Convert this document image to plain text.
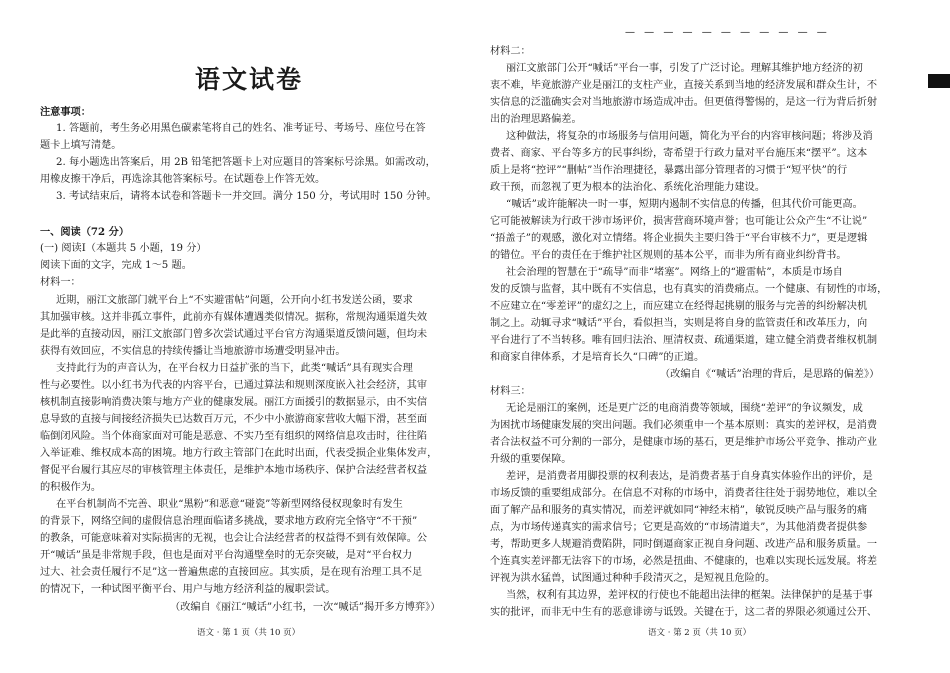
语文试卷
注意事项：
1. 答题前，考生务必用黑色碳素笔将自己的姓名、准考证号、考场号、座位号在答
题卡上填写清楚。
2. 每小题选出答案后，用 2B 铅笔把答题卡上对应题目的答案标号涂黑。如需改动，
用橡皮擦干净后，再选涂其他答案标号。在试题卷上作答无效。
3. 考试结束后，请将本试卷和答题卡一并交回。满分 150 分，考试用时 150 分钟。
一、阅读（72 分）
(一) 阅读Ⅰ（本题共 5 小题，19 分）
阅读下面的文字，完成 1～5 题。
材料一：
近期，丽江文旅部门就平台上“不实避雷帖”问题，公开向小红书发送公函，要求
其加强审核。这并非孤立事件，此前亦有媒体遭遇类似情况。据称，常规沟通渠道失效
是此举的直接动因，丽江文旅部门曾多次尝试通过平台官方沟通渠道反馈问题，但均未
获得有效回应，不实信息的持续传播让当地旅游市场遭受明显冲击。
支持此行为的声音认为，在平台权力日益扩张的当下，此类“喊话”具有现实合理
性与必要性。以小红书为代表的内容平台，已通过算法和规则深度嵌入社会经济，其审
核机制直接影响消费决策与地方产业的健康发展。丽江方面援引的数据显示，由不实信
息导致的直接与间接经济损失已达数百万元，不少中小旅游商家营收大幅下滑，甚至面
临倒闭风险。当个体商家面对可能是恶意、不实乃至有组织的网络信息攻击时，往往陷
入举证难、维权成本高的困境。地方行政主管部门在此时出面，代表受损企业集体发声，
督促平台履行其应尽的审核管理主体责任，是维护本地市场秩序、保护合法经营者权益
的积极作为。
在平台机制尚不完善、职业“黑粉”和恶意“碰瓷”等新型网络侵权现象时有发生
的背景下，网络空间的虚假信息治理面临诸多挑战，要求地方政府完全恪守“不干预”
的教条，可能意味着对实际损害的无视，也会让合法经营者的权益得不到有效保障。公
开“喊话”虽是非常规手段，但也是面对平台沟通壁垒时的无奈突破，是对“平台权力
过大、社会责任履行不足”这一普遍焦虑的直接回应。其实质，是在现有治理工具不足
的情况下，一种试图平衡平台、用户与地方经济利益的履职尝试。
（改编自《丽江“喊话”小红书，一次“喊话”揭开多方博弈》）
语文 · 第 1 页（共 10 页）
— — — — — — — — — — —
材料二：
丽江文旅部门公开“喊话”平台一事，引发了广泛讨论。理解其维护地方经济的初
衷不难，毕竟旅游产业是丽江的支柱产业，直接关系到当地的经济发展和群众生计，不
实信息的泛滥确实会对当地旅游市场造成冲击。但更值得警惕的，是这一行为背后折射
出的治理思路偏差。
这种做法，将复杂的市场服务与信用问题，简化为平台的内容审核问题；将涉及消
费者、商家、平台等多方的民事纠纷，寄希望于行政力量对平台施压来“摆平”。这本
质上是将“控评”“删帖”当作治理捷径，暴露出部分管理者的习惯于“短平快”的行
政干预，而忽视了更为根本的法治化、系统化治理能力建设。
“喊话”或许能解决一时一事，短期内遏制不实信息的传播，但其代价可能更高。
它可能被解读为行政干涉市场评价，损害营商环境声誉；也可能让公众产生“不让说”
“捂盖子”的观感，激化对立情绪。将企业损失主要归咎于“平台审核不力”，更是逻辑
的错位。平台的责任在于维护社区规则的基本公平，而非为所有商业纠纷背书。
社会治理的智慧在于“疏导”而非“堵塞”。网络上的“避雷帖”，本质是市场自
发的反馈与监督，其中既有不实信息，也有真实的消费痛点。一个健康、有韧性的市场，
不应建立在“零差评”的虚幻之上，而应建立在经得起挑剔的服务与完善的纠纷解决机
制之上。动辄寻求“喊话”平台，看似担当，实则是将自身的监管责任和改革压力，向
平台进行了不当转移。唯有回归法治、厘清权责、疏通渠道，建立健全消费者维权机制
和商家自律体系，才是培育长久“口碑”的正道。
（改编自《“喊话”治理的背后，是思路的偏差》）
材料三：
无论是丽江的案例，还是更广泛的电商消费等领域，围绕“差评”的争议频发，成
为困扰市场健康发展的突出问题。我们必须重申一个基本原则：真实的差评权，是消费
者合法权益不可分割的一部分，是健康市场的基石，更是维护市场公平竞争、推动产业
升级的重要保障。
差评，是消费者用脚投票的权利表达，是消费者基于自身真实体验作出的评价，是
市场反馈的重要组成部分。在信息不对称的市场中，消费者往往处于弱势地位，难以全
面了解产品和服务的真实情况，而差评就如同“神经末梢”，敏锐反映产品与服务的痛
点，为市场传递真实的需求信号；它更是高效的“市场清道夫”，为其他消费者提供参
考，帮助更多人规避消费陷阱，同时倒逼商家正视自身问题、改进产品和服务质量。一
个连真实差评都无法容下的市场，必然是扭曲、不健康的，也难以实现长远发展。将差
评视为洪水猛兽，试图通过种种手段清灭之，是短视且危险的。
当然，权利有其边界，差评权的行使也不能超出法律的框架。法律保护的是基于事
实的批评，而非无中生有的恶意诽谤与诋毁。关键在于，这二者的界限必须通过公开、
语文 · 第 2 页（共 10 页）
